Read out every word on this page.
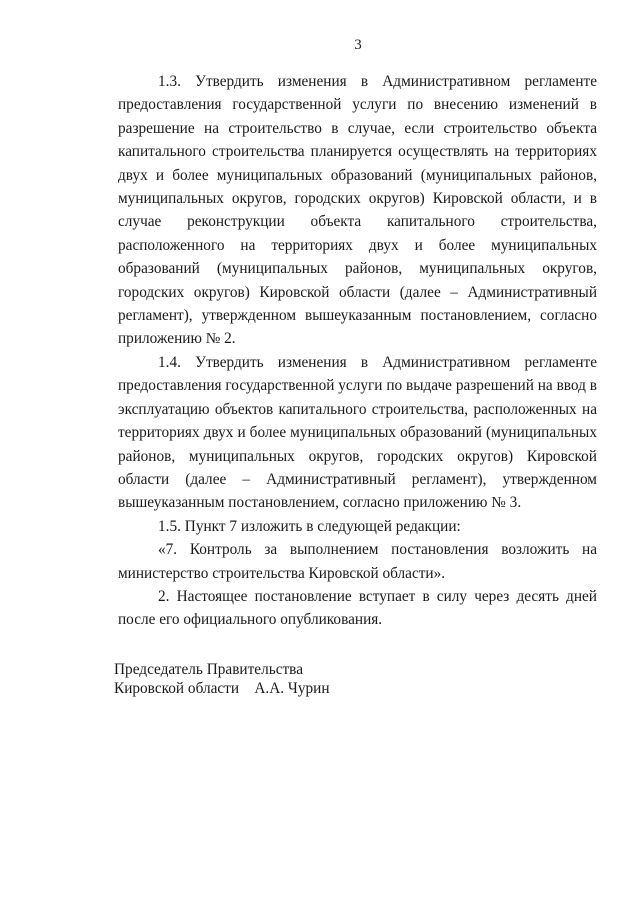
3

1.3. Утвердить изменения в Административном регламенте предоставления государственной услуги по внесению изменений в разрешение на строительство в случае, если строительство объекта капитального строительства планируется осуществлять на территориях двух и более муниципальных образований (муниципальных районов, муниципальных округов, городских округов) Кировской области, и в случае реконструкции объекта капитального строительства, расположенного на территориях двух и более муниципальных образований (муниципальных районов, муниципальных округов, городских округов) Кировской области (далее – Административный регламент), утвержденном вышеуказанным постановлением, согласно приложению № 2.

1.4. Утвердить изменения в Административном регламенте предоставления государственной услуги по выдаче разрешений на ввод в эксплуатацию объектов капитального строительства, расположенных на территориях двух и более муниципальных образований (муниципальных районов, муниципальных округов, городских округов) Кировской области (далее – Административный регламент), утвержденном вышеуказанным постановлением, согласно приложению № 3.

1.5. Пункт 7 изложить в следующей редакции:

«7. Контроль за выполнением постановления возложить на министерство строительства Кировской области».

2. Настоящее постановление вступает в силу через десять дней после его официального опубликования.

Председатель Правительства
Кировской области    А.А. Чурин
